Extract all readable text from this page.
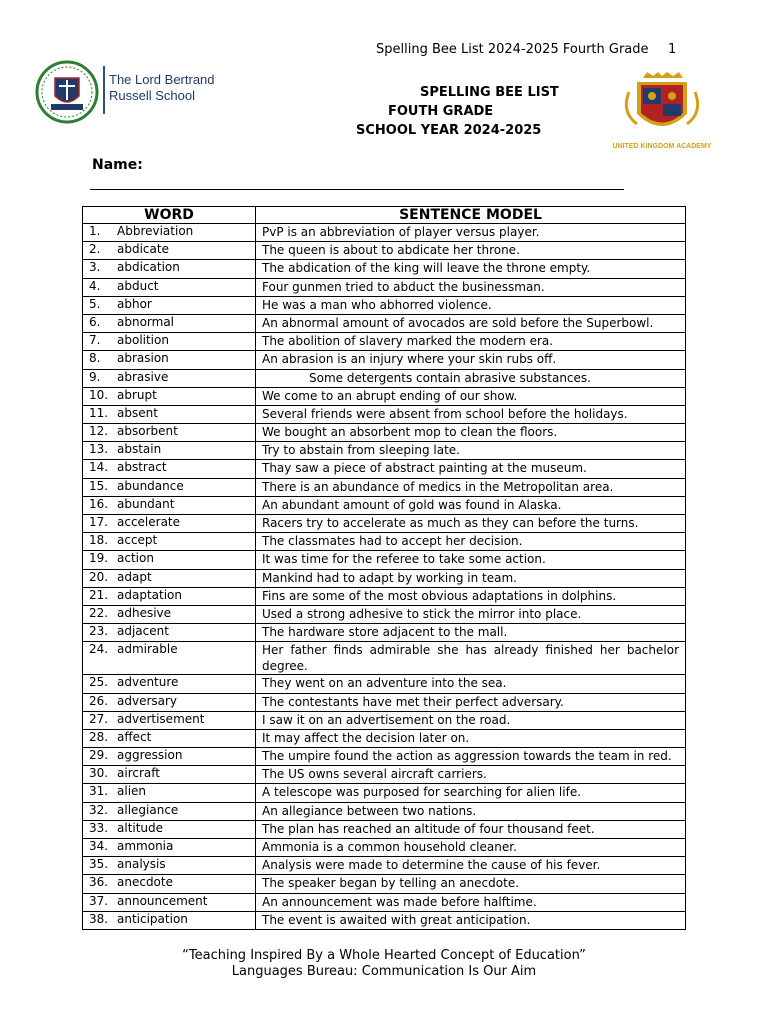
Spelling Bee List 2024-2025 Fourth Grade 1
The Lord Bertrand
Russell School	SPELLING BEE LIST
FOUTH GRADE
SCHOOL YEAR 2024-2025
UNITED KINGDOM ACADEMY
Name:
WORD	SENTENCE MODEL
1. Abbreviation	PvP is an abbreviation of player versus player.
2. abdicate	The queen is about to abdicate her throne.
3. abdication	The abdication of the king will leave the throne empty.
4. abduct	Four gunmen tried to abduct the businessman.
5. abhor	He was a man who abhorred violence.
6. abnormal	An abnormal amount of avocados are sold before the Superbowl.
7. abolition	The abolition of slavery marked the modern era.
8. abrasion	An abrasion is an injury where your skin rubs off.
9. abrasive	Some detergents contain abrasive substances.
10. abrupt	We come to an abrupt ending of our show.
11. absent	Several friends were absent from school before the holidays.
12. absorbent	We bought an absorbent mop to clean the floors.
13. abstain	Try to abstain from sleeping late.
14. abstract	Thay saw a piece of abstract painting at the museum.
15. abundance	There is an abundance of medics in the Metropolitan area.
16. abundant	An abundant amount of gold was found in Alaska.
17. accelerate	Racers try to accelerate as much as they can before the turns.
18. accept	The classmates had to accept her decision.
19. action	It was time for the referee to take some action.
20. adapt	Mankind had to adapt by working in team.
21. adaptation	Fins are some of the most obvious adaptations in dolphins.
22. adhesive	Used a strong adhesive to stick the mirror into place.
23. adjacent	The hardware store adjacent to the mall.
24. admirable	Her father finds admirable she has already finished her bachelor degree.
25. adventure	They went on an adventure into the sea.
26. adversary	The contestants have met their perfect adversary.
27. advertisement	I saw it on an advertisement on the road.
28. affect	It may affect the decision later on.
29. aggression	The umpire found the action as aggression towards the team in red.
30. aircraft	The US owns several aircraft carriers.
31. alien	A telescope was purposed for searching for alien life.
32. allegiance	An allegiance between two nations.
33. altitude	The plan has reached an altitude of four thousand feet.
34. ammonia	Ammonia is a common household cleaner.
35. analysis	Analysis were made to determine the cause of his fever.
36. anecdote	The speaker began by telling an anecdote.
37. announcement	An announcement was made before halftime.
38. anticipation	The event is awaited with great anticipation.
“Teaching Inspired By a Whole Hearted Concept of Education”
Languages Bureau: Communication Is Our Aim
